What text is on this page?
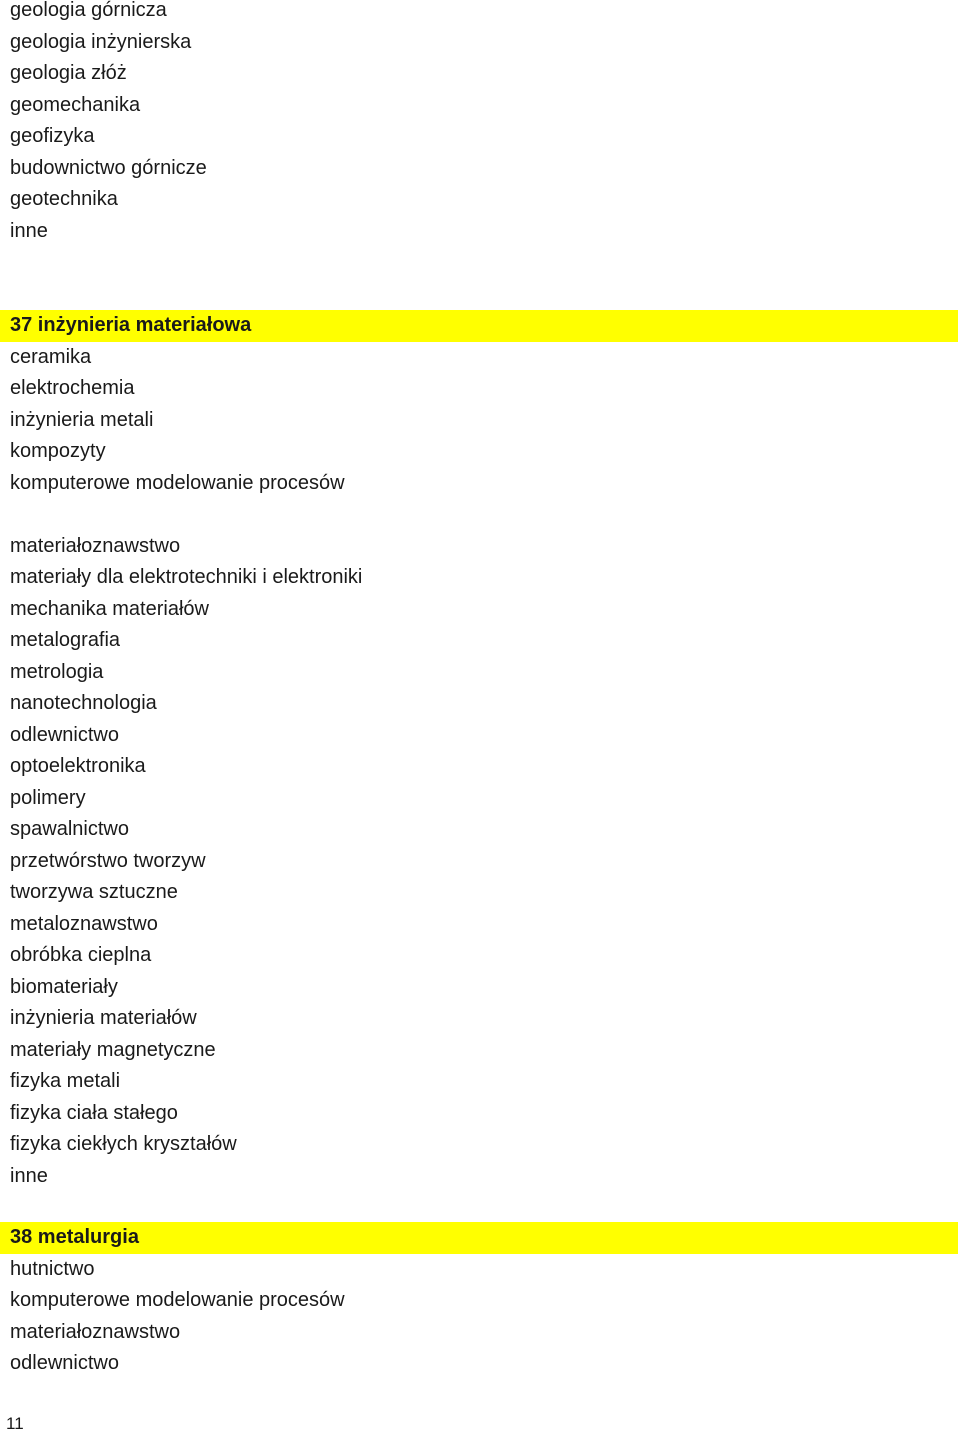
geologia górnicza
geologia inżynierska
geologia złóż
geomechanika
geofizyka
budownictwo górnicze
geotechnika
inne
37 inżynieria materiałowa
ceramika
elektrochemia
inżynieria metali
kompozyty
komputerowe modelowanie procesów
materiałoznawstwo
materiały dla elektrotechniki i elektroniki
mechanika materiałów
metalografia
metrologia
nanotechnologia
odlewnictwo
optoelektronika
polimery
spawalnictwo
przetwórstwo tworzyw
tworzywa sztuczne
metaloznawstwo
obróbka cieplna
biomateriały
inżynieria materiałów
materiały magnetyczne
fizyka metali
fizyka ciała stałego
fizyka ciekłych kryształów
inne
38 metalurgia
hutnictwo
komputerowe modelowanie procesów
materiałoznawstwo
odlewnictwo
11
